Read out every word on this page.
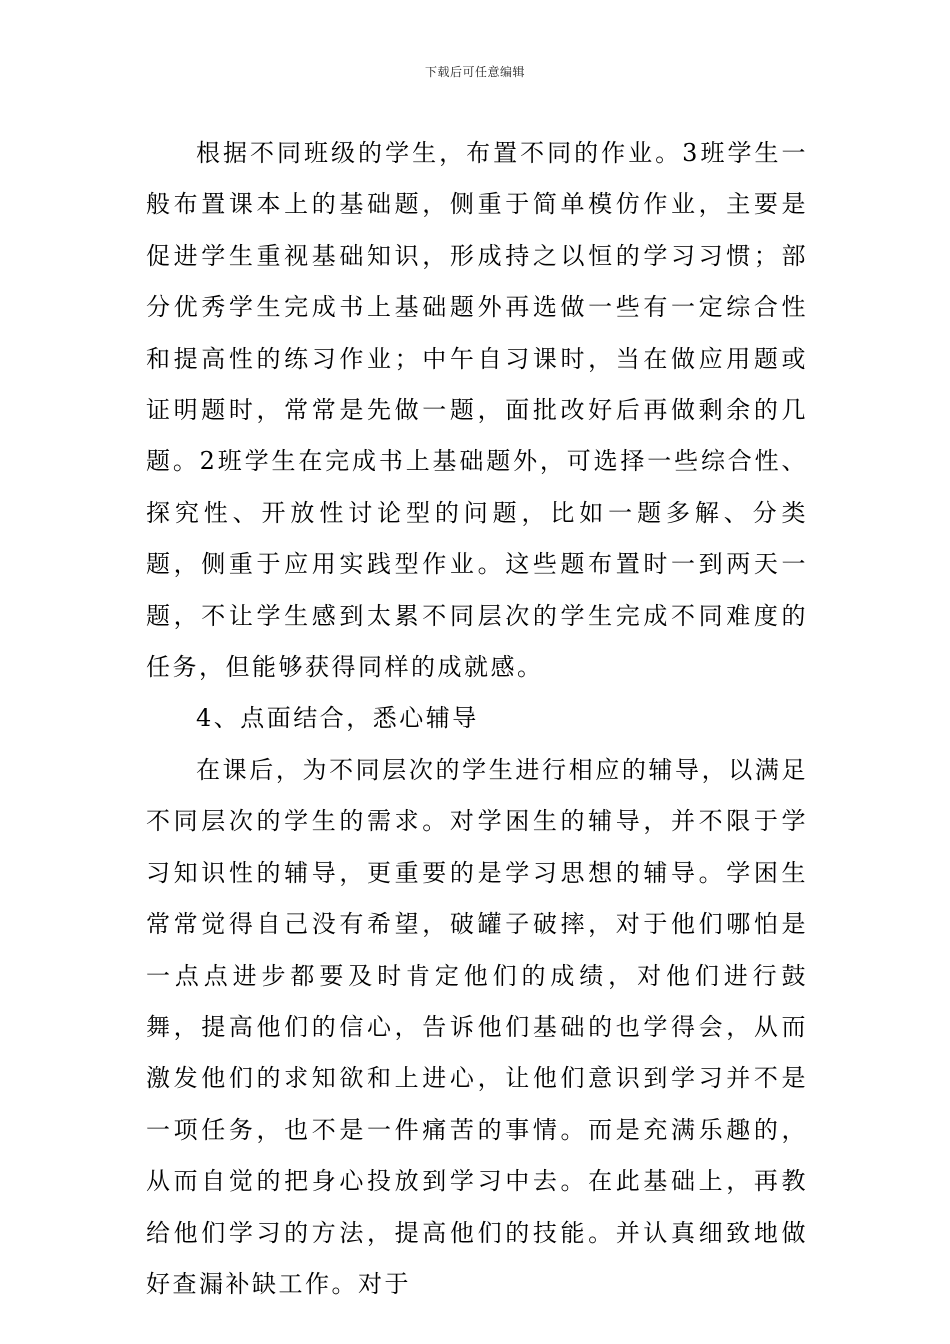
下载后可任意编辑

根据不同班级的学生，布置不同的作业。3班学生一般布置课本上的基础题，侧重于简单模仿作业，主要是促进学生重视基础知识，形成持之以恒的学习习惯；部分优秀学生完成书上基础题外再选做一些有一定综合性和提高性的练习作业；中午自习课时，当在做应用题或证明题时，常常是先做一题，面批改好后再做剩余的几题。2班学生在完成书上基础题外，可选择一些综合性、探究性、开放性讨论型的问题，比如一题多解、分类题，侧重于应用实践型作业。这些题布置时一到两天一题，不让学生感到太累不同层次的学生完成不同难度的任务，但能够获得同样的成就感。

4、点面结合，悉心辅导

在课后，为不同层次的学生进行相应的辅导，以满足不同层次的学生的需求。对学困生的辅导，并不限于学习知识性的辅导，更重要的是学习思想的辅导。学困生常常觉得自己没有希望，破罐子破摔，对于他们哪怕是一点点进步都要及时肯定他们的成绩，对他们进行鼓舞，提高他们的信心，告诉他们基础的也学得会，从而激发他们的求知欲和上进心，让他们意识到学习并不是一项任务，也不是一件痛苦的事情。而是充满乐趣的，从而自觉的把身心投放到学习中去。在此基础上，再教给他们学习的方法，提高他们的技能。并认真细致地做好查漏补缺工作。对于
